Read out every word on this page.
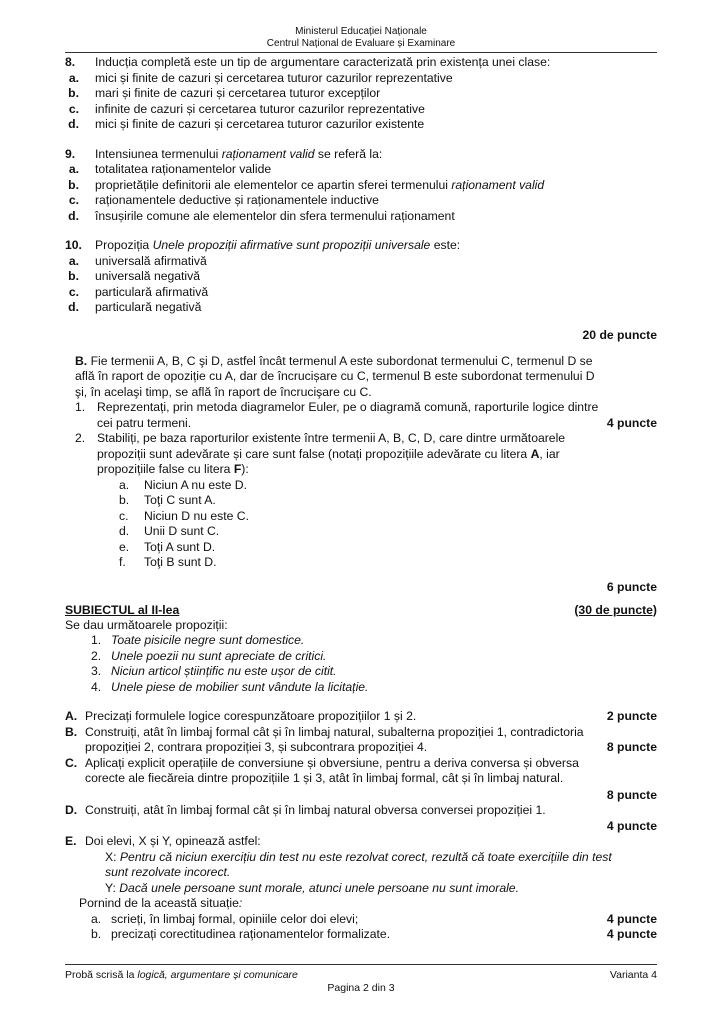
Ministerul Educației Naționale
Centrul Național de Evaluare și Examinare
8.	Inducția completă este un tip de argumentare caracterizată prin existența unei clase:
a.	mici și finite de cazuri și cercetarea tuturor cazurilor reprezentative
b.	mari și finite de cazuri și cercetarea tuturor excepților
c.	infinite de cazuri și cercetarea tuturor cazurilor reprezentative
d.	mici și finite de cazuri și cercetarea tuturor cazurilor existente
9.	Intensiunea termenului raționament valid se referă la:
a.	totalitatea raționamentelor valide
b.	proprietățile definitorii ale elementelor ce apartin sferei termenului raționament valid
c.	raționamentele deductive și raționamentele inductive
d.	însușirile comune ale elementelor din sfera termenului raționament
10.	Propoziția Unele propoziții afirmative sunt propoziții universale este:
a.	universală afirmativă
b.	universală negativă
c.	particulară afirmativă
d.	particulară negativă
20 de puncte
B. Fie termenii A, B, C şi D, astfel încât termenul A este subordonat termenului C, termenul D se
află în raport de opoziție cu A, dar de încrucișare cu C, termenul B este subordonat termenului D
şi, în acelaşi timp, se află în raport de încrucişare cu C.
1. Reprezentați, prin metoda diagramelor Euler, pe o diagramă comună, raporturile logice dintre
cei patru termeni.	4 puncte
2. Stabiliți, pe baza raporturilor existente între termenii A, B, C, D, care dintre următoarele
propoziții sunt adevărate și care sunt false (notați propozițiile adevărate cu litera A, iar
propozițiile false cu litera F):
a.	Niciun A nu este D.
b.	Toţi C sunt A.
c.	Niciun D nu este C.
d.	Unii D sunt C.
e.	Toți A sunt D.
f.	Toţi B sunt D.
6 puncte
SUBIECTUL al II-lea	(30 de puncte)
Se dau următoarele propoziții:
1. Toate pisicile negre sunt domestice.
2. Unele poezii nu sunt apreciate de critici.
3. Niciun articol științific nu este ușor de citit.
4. Unele piese de mobilier sunt vândute la licitație.
A. Precizați formulele logice corespunzătoare propozițiilor 1 și 2.	2 puncte
B. Construiți, atât în limbaj formal cât și în limbaj natural, subalterna propoziției 1, contradictoria
propoziției 2, contrara propoziției 3, și subcontrara propoziției 4.	8 puncte
C. Aplicați explicit operațiile de conversiune și obversiune, pentru a deriva conversa și obversa
corecte ale fiecăreia dintre propozițiile 1 și 3, atât în limbaj formal, cât și în limbaj natural.
8 puncte
D. Construiți, atât în limbaj formal cât și în limbaj natural obversa conversei propoziției 1.
4 puncte
E. Doi elevi, X și Y, opinează astfel:
X: Pentru că niciun exercițiu din test nu este rezolvat corect, rezultă că toate exercițiile din test
sunt rezolvate incorect.
Y: Dacă unele persoane sunt morale, atunci unele persoane nu sunt imorale.
Pornind de la această situație:
a. scrieți, în limbaj formal, opiniile celor doi elevi;	4 puncte
b. precizați corectitudinea raționamentelor formalizate.	4 puncte
Probă scrisă la logică, argumentare și comunicare	Varianta 4
Pagina 2 din 3
